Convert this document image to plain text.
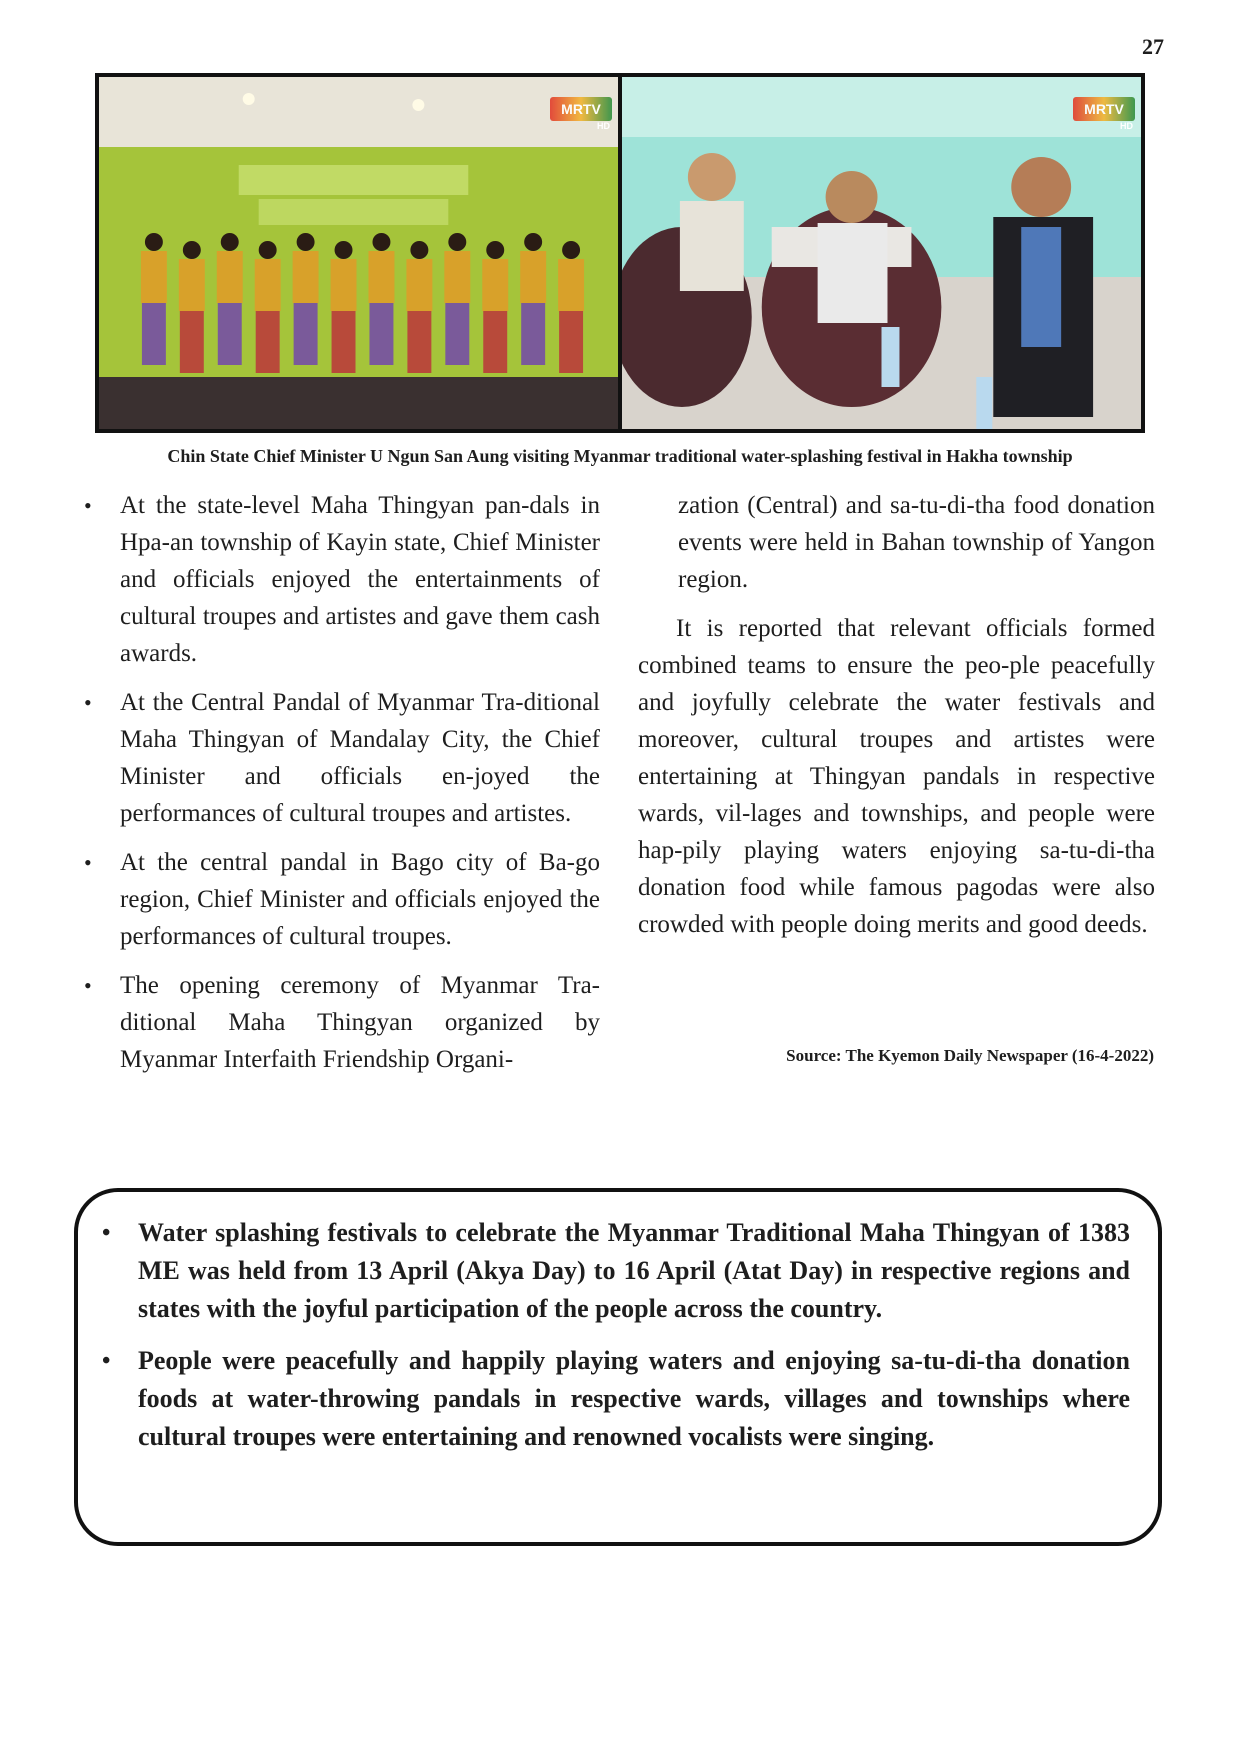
27
MRTV
HD
MRTV
HD
Chin State Chief Minister U Ngun San Aung visiting Myanmar traditional water-splashing festival in Hakha township
• At the state-level Maha Thingyan pan-dals in Hpa-an township of Kayin state, Chief Minister and officials enjoyed the entertainments of cultural troupes and artistes and gave them cash awards.
• At the Central Pandal of Myanmar Tra-ditional Maha Thingyan of Mandalay City, the Chief Minister and officials en-joyed the performances of cultural troupes and artistes.
• At the central pandal in Bago city of Ba-go region, Chief Minister and officials enjoyed the performances of cultural troupes.
• The opening ceremony of Myanmar Tra-ditional Maha Thingyan organized by Myanmar Interfaith Friendship Organi-

zation (Central) and sa-tu-di-tha food donation events were held in Bahan township of Yangon region.

It is reported that relevant officials formed combined teams to ensure the peo-ple peacefully and joyfully celebrate the water festivals and moreover, cultural troupes and artistes were entertaining at Thingyan pandals in respective wards, vil-lages and townships, and people were hap-pily playing waters enjoying sa-tu-di-tha donation food while famous pagodas were also crowded with people doing merits and good deeds.

Source: The Kyemon Daily Newspaper (16-4-2022)
• Water splashing festivals to celebrate the Myanmar Traditional Maha Thingyan of 1383 ME was held from 13 April (Akya Day) to 16 April (Atat Day) in respective regions and states with the joyful participation of the people across the country.
• People were peacefully and happily playing waters and enjoying sa-tu-di-tha donation foods at water-throwing pandals in respective wards, villages and townships where cultural troupes were entertaining and renowned vocalists were singing.
